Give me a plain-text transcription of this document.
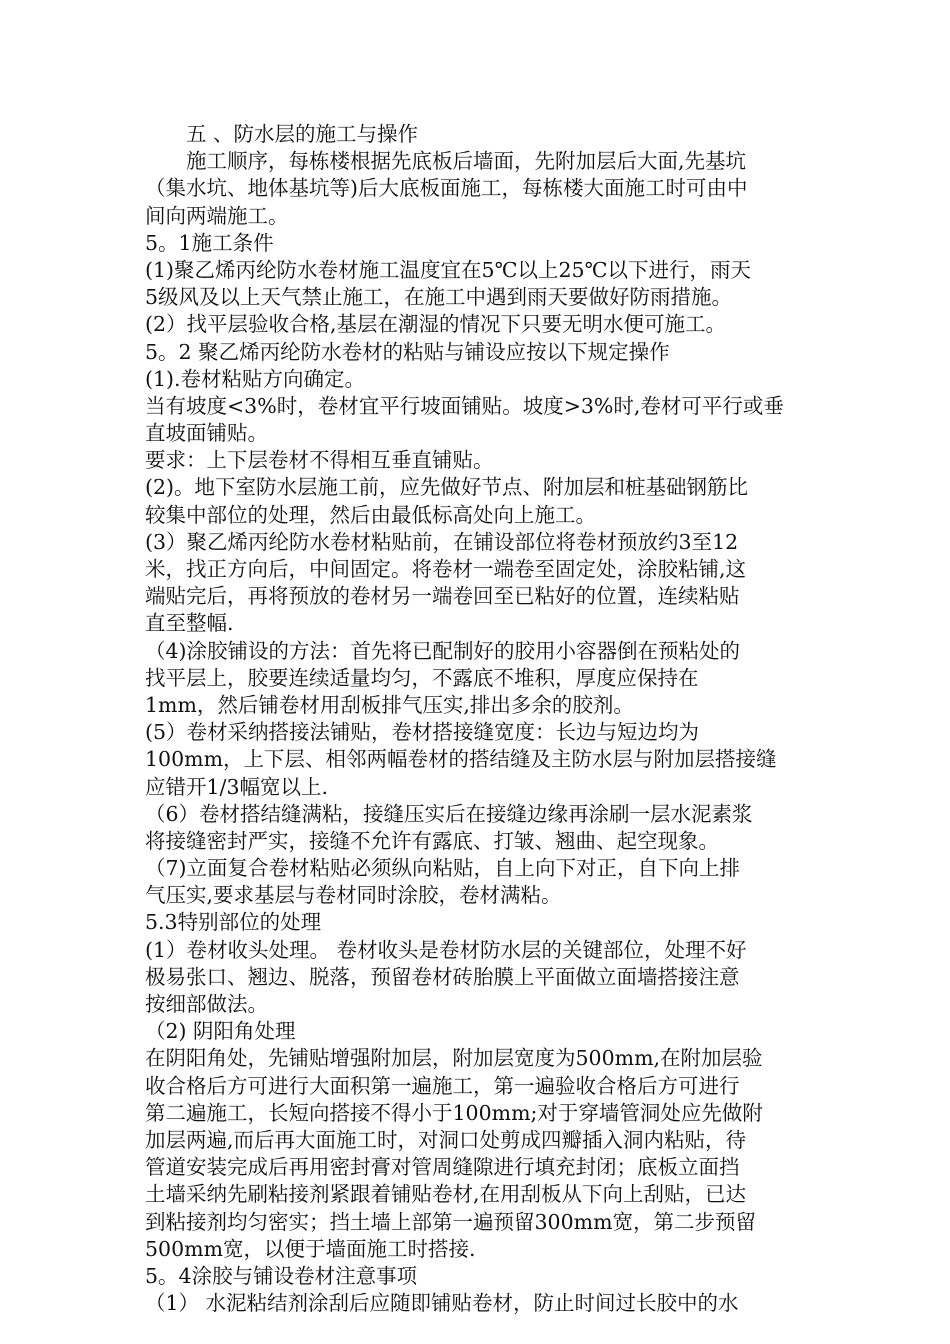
　　五 、防水层的施工与操作
　　施工顺序，每栋楼根据先底板后墙面，先附加层后大面,先基坑
（集水坑、地体基坑等)后大底板面施工，每栋楼大面施工时可由中
间向两端施工。
5。1施工条件
(1)聚乙烯丙纶防水卷材施工温度宜在5℃以上25℃以下进行，雨天
5级风及以上天气禁止施工，在施工中遇到雨天要做好防雨措施。
(2）找平层验收合格,基层在潮湿的情况下只要无明水便可施工。
5。2 聚乙烯丙纶防水卷材的粘贴与铺设应按以下规定操作
(1).卷材粘贴方向确定。
当有坡度<3%时，卷材宜平行坡面铺贴。坡度>3%时,卷材可平行或垂
直坡面铺贴。
要求：上下层卷材不得相互垂直铺贴。
(2)。地下室防水层施工前，应先做好节点、附加层和桩基础钢筋比
较集中部位的处理，然后由最低标高处向上施工。
(3）聚乙烯丙纶防水卷材粘贴前，在铺设部位将卷材预放约3至12
米，找正方向后，中间固定。将卷材一端卷至固定处，涂胶粘铺,这
端贴完后，再将预放的卷材另一端卷回至已粘好的位置，连续粘贴
直至整幅.
（4)涂胶铺设的方法：首先将已配制好的胶用小容器倒在预粘处的
找平层上，胶要连续适量均匀，不露底不堆积，厚度应保持在
1mm，然后铺卷材用刮板排气压实,排出多余的胶剂。
(5）卷材采纳搭接法铺贴，卷材搭接缝宽度：长边与短边均为
100mm，上下层、相邻两幅卷材的搭结缝及主防水层与附加层搭接缝
应错开1/3幅宽以上.
（6）卷材搭结缝满粘，接缝压实后在接缝边缘再涂刷一层水泥素浆
将接缝密封严实，接缝不允许有露底、打皱、翘曲、起空现象。
（7)立面复合卷材粘贴必须纵向粘贴，自上向下对正，自下向上排
气压实,要求基层与卷材同时涂胶，卷材满粘。
5.3特别部位的处理
(1）卷材收头处理。 卷材收头是卷材防水层的关键部位，处理不好
极易张口、翘边、脱落，预留卷材砖胎膜上平面做立面墙搭接注意
按细部做法。
（2) 阴阳角处理
在阴阳角处，先铺贴增强附加层，附加层宽度为500mm,在附加层验
收合格后方可进行大面积第一遍施工，第一遍验收合格后方可进行
第二遍施工，长短向搭接不得小于100mm;对于穿墙管洞处应先做附
加层两遍,而后再大面施工时，对洞口处剪成四瓣插入洞内粘贴，待
管道安装完成后再用密封膏对管周缝隙进行填充封闭；底板立面挡
土墙采纳先刷粘接剂紧跟着铺贴卷材,在用刮板从下向上刮贴，已达
到粘接剂均匀密实；挡土墙上部第一遍预留300mm宽，第二步预留
500mm宽，以便于墙面施工时搭接.
5。4涂胶与铺设卷材注意事项
（1） 水泥粘结剂涂刮后应随即铺贴卷材，防止时间过长胶中的水
